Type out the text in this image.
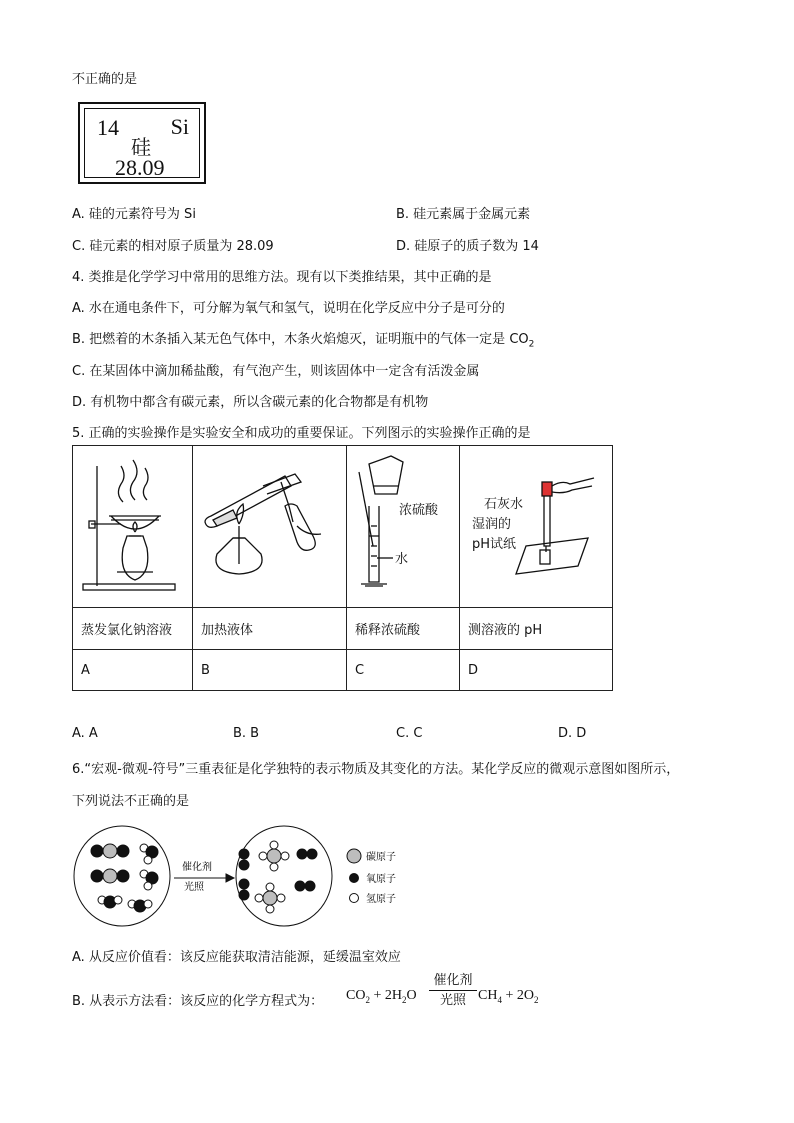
不正确的是
14 Si
硅
28.09
A. 硅的元素符号为 Si	B. 硅元素属于金属元素
C. 硅元素的相对原子质量为 28.09	D. 硅原子的质子数为 14
4. 类推是化学学习中常用的思维方法。现有以下类推结果，其中正确的是
A. 水在通电条件下，可分解为氧气和氢气，说明在化学反应中分子是可分的
B. 把燃着的木条插入某无色气体中，木条火焰熄灭，证明瓶中的气体一定是 $CO_2$
C. 在某固体中滴加稀盐酸，有气泡产生，则该固体中一定含有活泼金属
D. 有机物中都含有碳元素，所以含碳元素的化合物都是有机物
5. 正确的实验操作是实验安全和成功的重要保证。下列图示的实验操作正确的是

浓硫酸
水	石灰水
湿润的
pH试纸

蒸发氯化钠溶液	加热液体	稀释浓硫酸	测溶液的 pH
A	B	C	D
A. A	B. B	C. C	D. D
6.“宏观-微观-符号”三重表征是化学独特的表示物质及其变化的方法。某化学反应的微观示意图如图所示，
下列说法不正确的是
催化剂
光照
碳原子
氧原子
氢原子
A. 从反应价值看：该反应能获取清洁能源，延缓温室效应
B. 从表示方法看：该反应的化学方程式为： $CO_2 + 2H_2O$
催化剂
光照 $CH_4 + 2O_2$
